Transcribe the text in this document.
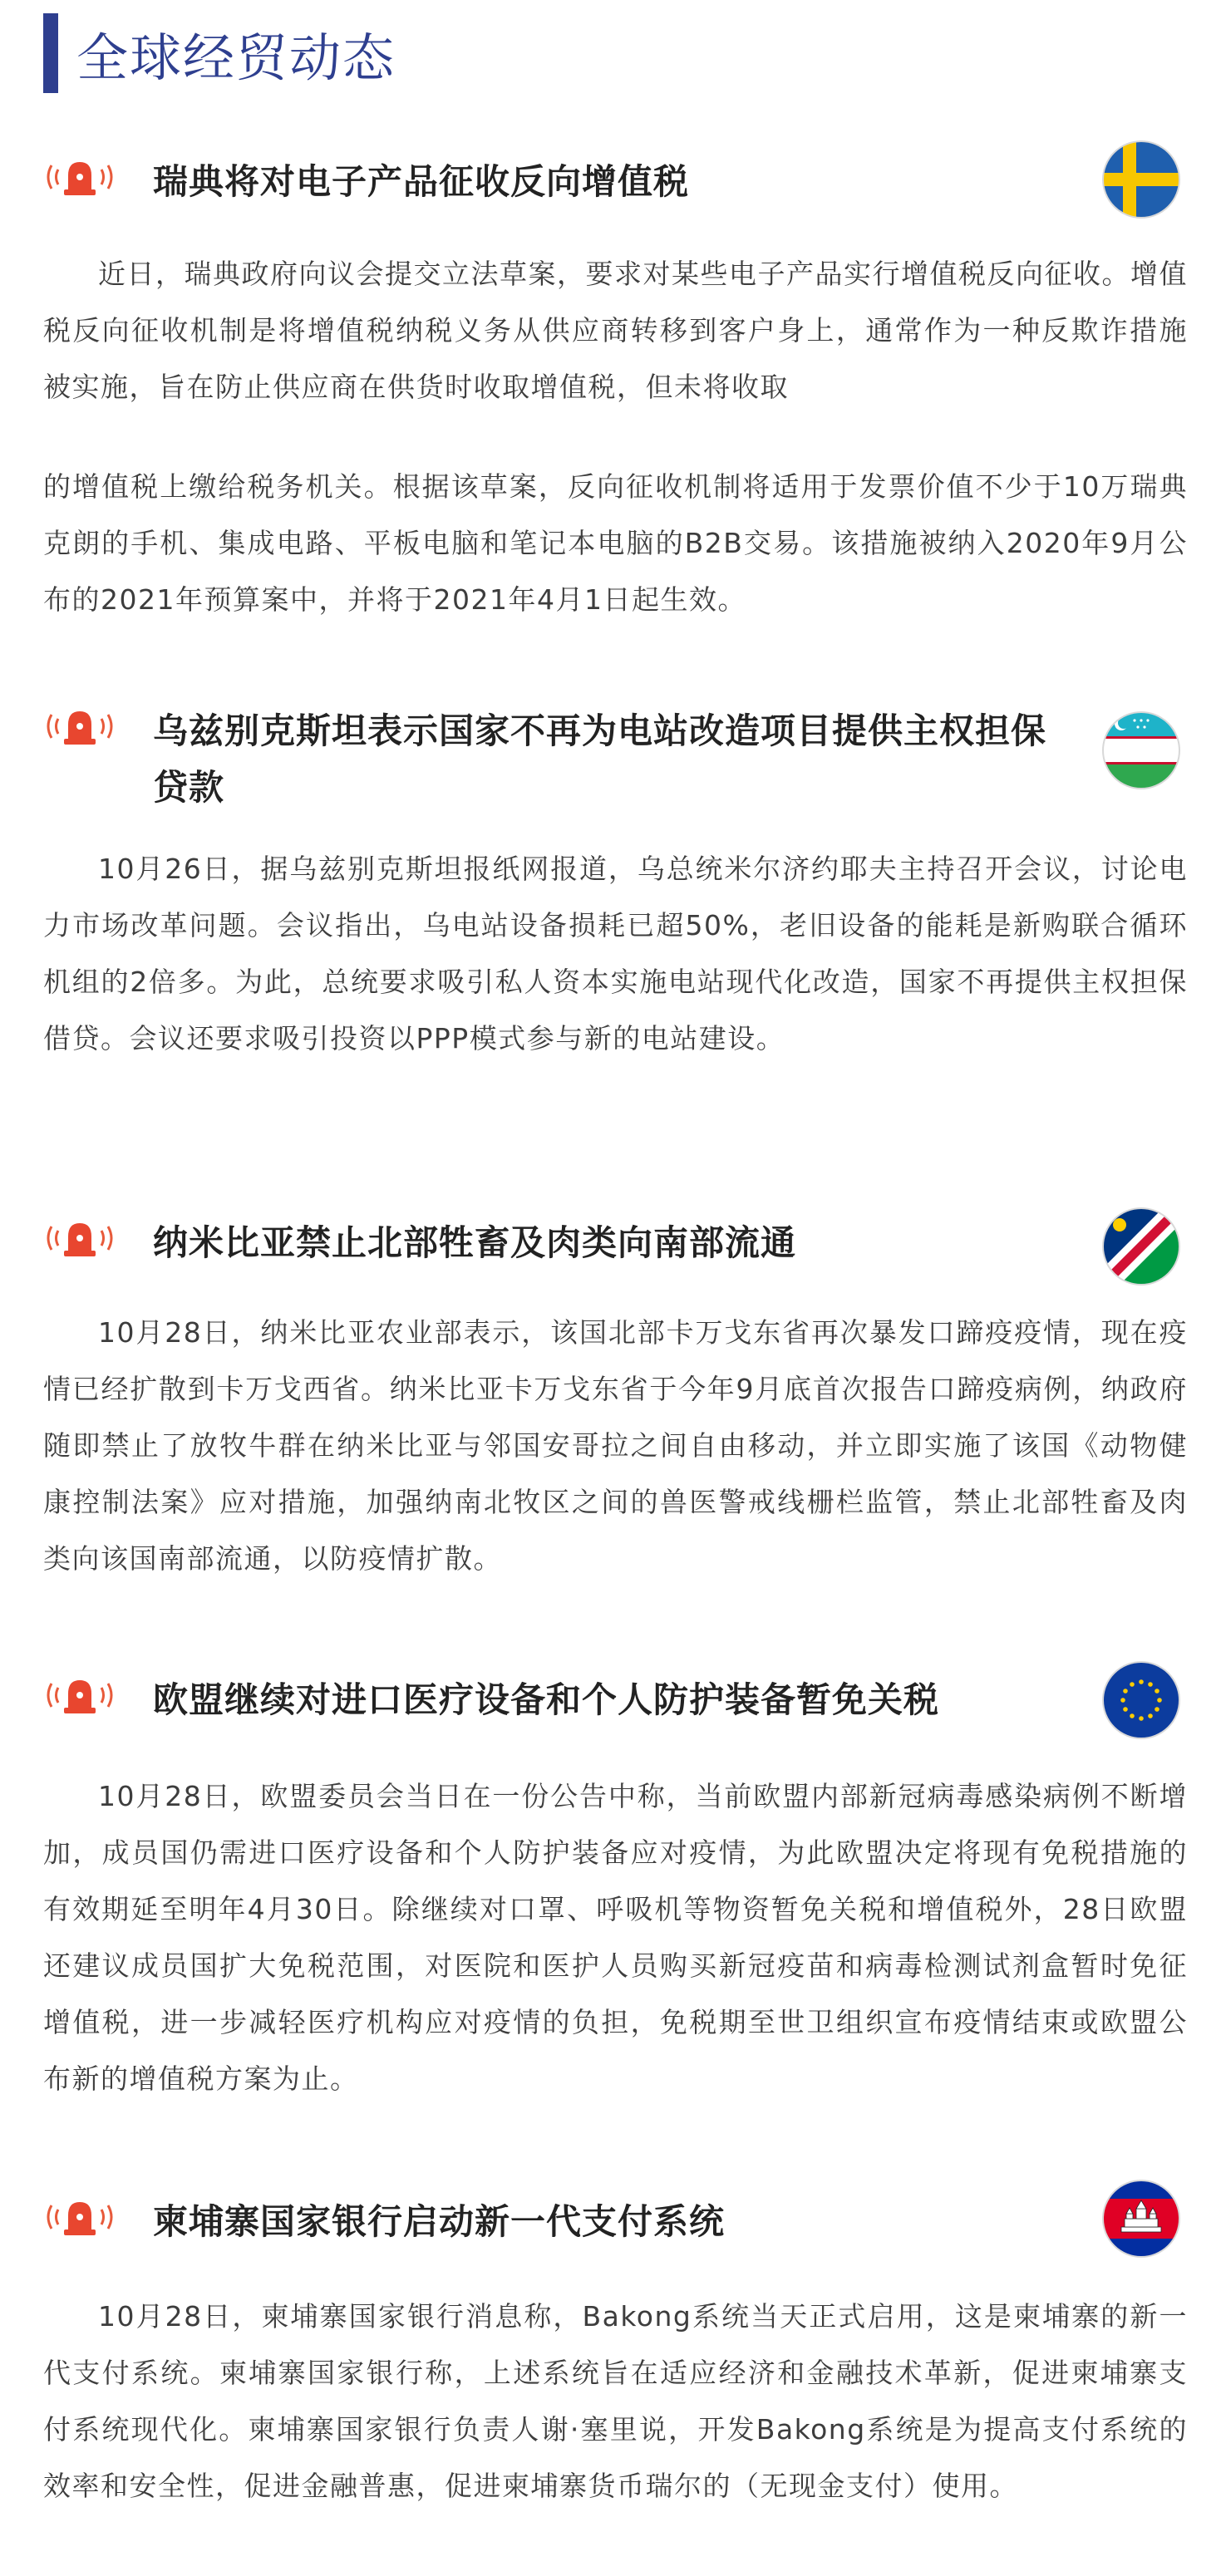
全球经贸动态
瑞典将对电子产品征收反向增值税

近日，瑞典政府向议会提交立法草案，要求对某些电子产品实行增值税反向征收。增值税反向征收机制是将增值税纳税义务从供应商转移到客户身上，通常作为一种反欺诈措施被实施，旨在防止供应商在供货时收取增值税，但未将收取

的增值税上缴给税务机关。根据该草案，反向征收机制将适用于发票价值不少于10万瑞典克朗的手机、集成电路、平板电脑和笔记本电脑的B2B交易。该措施被纳入2020年9月公布的2021年预算案中，并将于2021年4月1日起生效。

乌兹别克斯坦表示国家不再为电站改造项目提供主权担保贷款

10月26日，据乌兹别克斯坦报纸网报道，乌总统米尔济约耶夫主持召开会议，讨论电力市场改革问题。会议指出，乌电站设备损耗已超50%，老旧设备的能耗是新购联合循环机组的2倍多。为此，总统要求吸引私人资本实施电站现代化改造，国家不再提供主权担保借贷。会议还要求吸引投资以PPP模式参与新的电站建设。

纳米比亚禁止北部牲畜及肉类向南部流通

10月28日，纳米比亚农业部表示，该国北部卡万戈东省再次暴发口蹄疫疫情，现在疫情已经扩散到卡万戈西省。纳米比亚卡万戈东省于今年9月底首次报告口蹄疫病例，纳政府随即禁止了放牧牛群在纳米比亚与邻国安哥拉之间自由移动，并立即实施了该国《动物健康控制法案》应对措施，加强纳南北牧区之间的兽医警戒线栅栏监管，禁止北部牲畜及肉类向该国南部流通，以防疫情扩散。

欧盟继续对进口医疗设备和个人防护装备暂免关税

10月28日，欧盟委员会当日在一份公告中称，当前欧盟内部新冠病毒感染病例不断增加，成员国仍需进口医疗设备和个人防护装备应对疫情，为此欧盟决定将现有免税措施的有效期延至明年4月30日。除继续对口罩、呼吸机等物资暂免关税和增值税外，28日欧盟还建议成员国扩大免税范围，对医院和医护人员购买新冠疫苗和病毒检测试剂盒暂时免征增值税，进一步减轻医疗机构应对疫情的负担，免税期至世卫组织宣布疫情结束或欧盟公布新的增值税方案为止。

柬埔寨国家银行启动新一代支付系统

10月28日，柬埔寨国家银行消息称，Bakong系统当天正式启用，这是柬埔寨的新一代支付系统。柬埔寨国家银行称，上述系统旨在适应经济和金融技术革新，促进柬埔寨支付系统现代化。柬埔寨国家银行负责人谢·塞里说，开发Bakong系统是为提高支付系统的效率和安全性，促进金融普惠，促进柬埔寨货币瑞尔的（无现金支付）使用。
